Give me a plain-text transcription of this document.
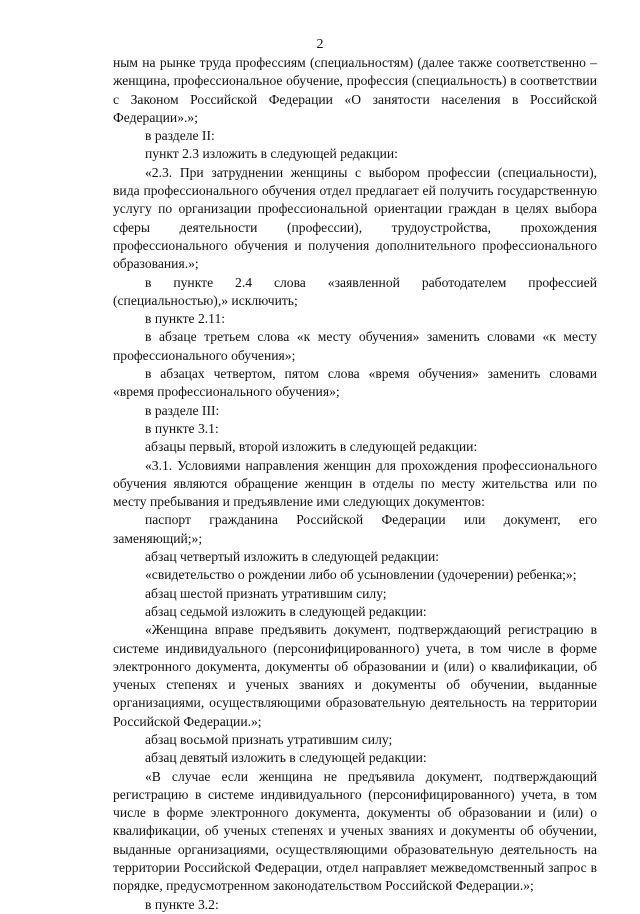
2

ным на рынке труда профессиям (специальностям) (далее также соответственно – женщина, профессиональное обучение, профессия (специальность) в соответствии с Законом Российской Федерации «О занятости населения в Российской Федерации».»;

в разделе II:

пункт 2.3 изложить в следующей редакции:

«2.3. При затруднении женщины с выбором профессии (специальности), вида профессионального обучения отдел предлагает ей получить государственную услугу по организации профессиональной ориентации граждан в целях выбора сферы деятельности (профессии), трудоустройства, прохождения профессионального обучения и получения дополнительного профессионального образования.»;

в пункте 2.4 слова «заявленной работодателем профессией (специальностью),» исключить;

в пункте 2.11:

в абзаце третьем слова «к месту обучения» заменить словами «к месту профессионального обучения»;

в абзацах четвертом, пятом слова «время обучения» заменить словами «время профессионального обучения»;

в разделе III:

в пункте 3.1:

абзацы первый, второй изложить в следующей редакции:

«3.1. Условиями направления женщин для прохождения профессионального обучения являются обращение женщин в отделы по месту жительства или по месту пребывания и предъявление ими следующих документов:

паспорт гражданина Российской Федерации или документ, его заменяющий;»;

абзац четвертый изложить в следующей редакции:

«свидетельство о рождении либо об усыновлении (удочерении) ребенка;»;

абзац шестой признать утратившим силу;

абзац седьмой изложить в следующей редакции:

«Женщина вправе предъявить документ, подтверждающий регистрацию в системе индивидуального (персонифицированного) учета, в том числе в форме электронного документа, документы об образовании и (или) о квалификации, об ученых степенях и ученых званиях и документы об обучении, выданные организациями, осуществляющими образовательную деятельность на территории Российской Федерации.»;

абзац восьмой признать утратившим силу;

абзац девятый изложить в следующей редакции:

«В случае если женщина не предъявила документ, подтверждающий регистрацию в системе индивидуального (персонифицированного) учета, в том числе в форме электронного документа, документы об образовании и (или) о квалификации, об ученых степенях и ученых званиях и документы об обучении, выданные организациями, осуществляющими образовательную деятельность на территории Российской Федерации, отдел направляет межведомственный запрос в порядке, предусмотренном законодательством Российской Федерации.»;

в пункте 3.2:
